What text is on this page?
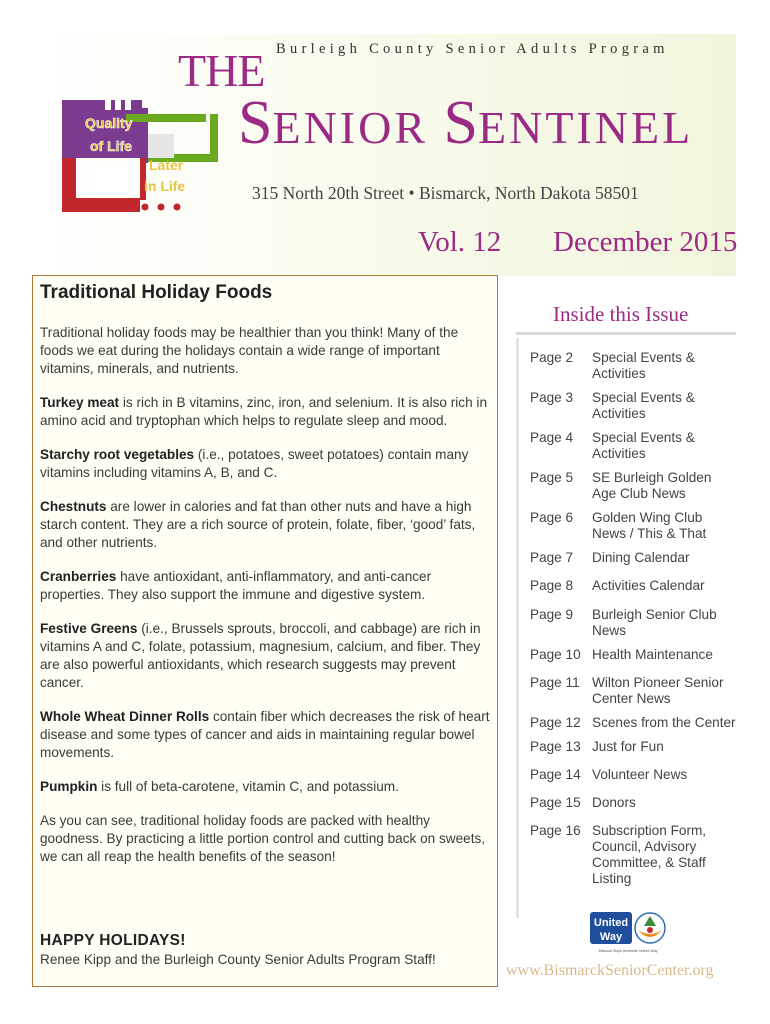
Quality
of Life
Later
in Life
Burleigh County Senior Adults Program
THE
SENIOR SENTINEL
315 North 20th Street • Bismarck, North Dakota 58501
Vol. 12 December 2015
Traditional Holiday Foods

Traditional holiday foods may be healthier than you think! Many of the foods we eat during the holidays contain a wide range of important vitamins, minerals, and nutrients.

Turkey meat is rich in B vitamins, zinc, iron, and selenium. It is also rich in amino acid and tryptophan which helps to regulate sleep and mood.

Starchy root vegetables (i.e., potatoes, sweet potatoes) contain many vitamins including vitamins A, B, and C.

Chestnuts are lower in calories and fat than other nuts and have a high starch content. They are a rich source of protein, folate, fiber, ‘good’ fats, and other nutrients.

Cranberries have antioxidant, anti-inflammatory, and anti-cancer properties. They also support the immune and digestive system.

Festive Greens (i.e., Brussels sprouts, broccoli, and cabbage) are rich in vitamins A and C, folate, potassium, magnesium, calcium, and fiber. They are also powerful antioxidants, which research suggests may prevent cancer.

Whole Wheat Dinner Rolls contain fiber which decreases the risk of heart disease and some types of cancer and aids in maintaining regular bowel movements.

Pumpkin is full of beta-carotene, vitamin C, and potassium.

As you can see, traditional holiday foods are packed with healthy goodness. By practicing a little portion control and cutting back on sweets, we can all reap the health benefits of the season!

HAPPY HOLIDAYS!
Renee Kipp and the Burleigh County Senior Adults Program Staff!
Inside this Issue
Page 2	Special Events & Activities
Page 3	Special Events & Activities
Page 4	Special Events & Activities
Page 5	SE Burleigh Golden Age Club News
Page 6	Golden Wing Club News / This & That
Page 7	Dining Calendar
Page 8	Activities Calendar
Page 9	Burleigh Senior Club News
Page 10 Health Maintenance
Page 11 Wilton Pioneer Senior Center News
Page 12 Scenes from the Center
Page 13 Just for Fun
Page 14 Volunteer News
Page 15 Donors
Page 16 Subscription Form, Council, Advisory Committee, & Staff Listing
United
Way
Missouri Slope Areawide United Way
www.BismarckSeniorCenter.org
